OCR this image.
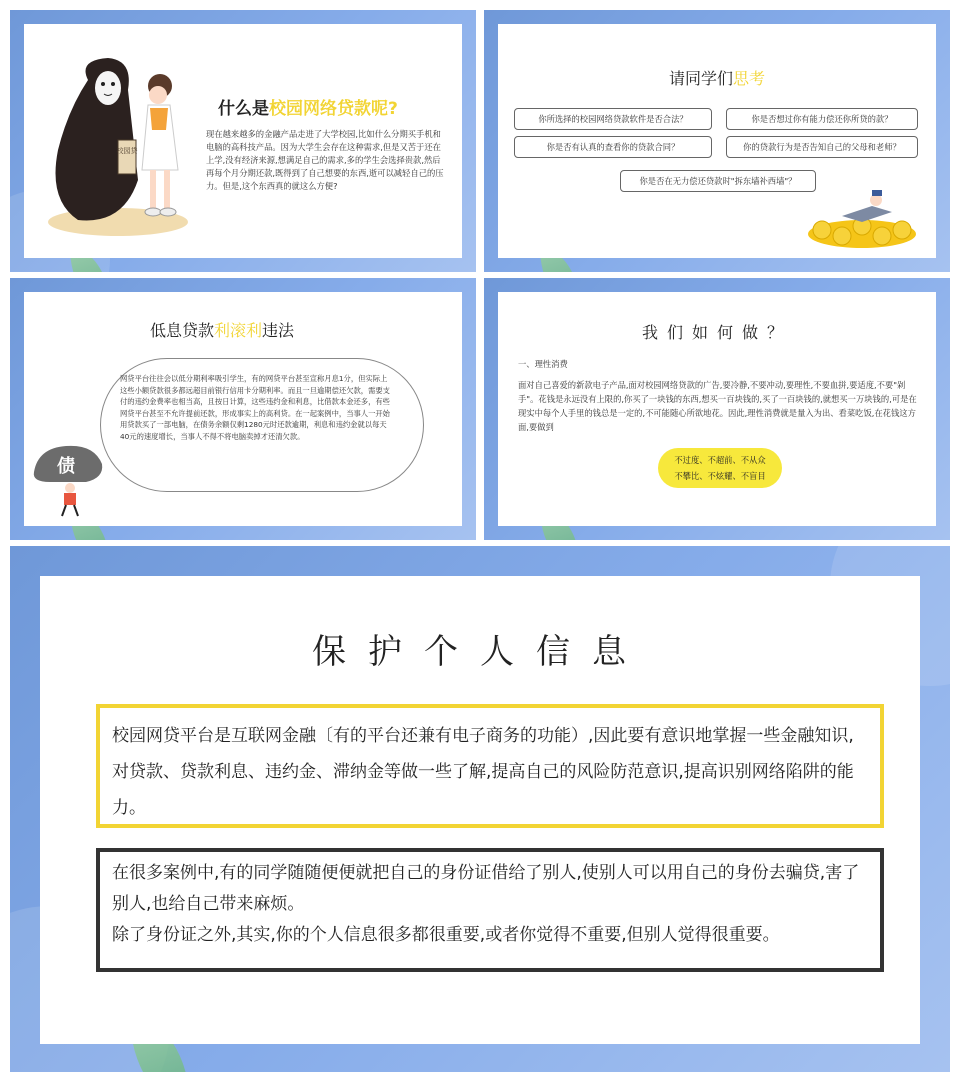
校园贷
什么是校园网络贷款呢?
现在越来越多的金融产品走进了大学校园,比如什么分期买手机和电脑的高科技产品。因为大学生会存在这种需求,但是又苦于还在上学,没有经济来源,想满足自己的需求,多的学生会选择贵款,然后再每个月分期还款,既得到了自己想要的东西,逝可以减轻自己的压力。但是,这个东西真的就这么方便?
请同学们思考
你所选择的校园网络贷款软件是否合法？	你是否想过你有能力偿还你所贷的款？
你是否有认真的查看你的贷款合同？	你的贷款行为是否告知自己的父母和老师？
你是否在无力偿还贷款时"拆东墙补西墙"？
低息贷款利滚利违法
网贷平台往往会以低分期利率吸引学生，有的网贷平台甚至宣称月息1分，但实际上这些小额贷款很多都远超目前银行信用卡分期利率。而且一旦逾期偿还欠款，需要支付的违约金费率也相当高，且按日计算，这些违约金和利息，比借款本金还多，有些网贷平台甚至不允许提前还款，形成事实上的高利贷。在一起案例中，当事人一开始用贷款买了一部电脑，在债务余额仅剩1280元时还款逾期，利息和违约金就以每天40元的速度增长，当事人不得不将电脑卖掉才还清欠款。
债
我们如何做？
一、理性消费
面对自己喜爱的新款电子产品,面对校园网络贷款的广告,要冷静,不要冲动,要理性,不要血拼,要适度,不要"剁手"。花钱是永远没有上限的,你买了一块钱的东西,想买一百块钱的,买了一百块钱的,就想买一万块钱的,可是在现实中每个人手里的钱总是一定的,不可能随心所欲地花。因此,理性消费就是量入为出、看菜吃饭,在花钱这方面,要做到
不过度、不超前、不从众
不攀比、不炫耀、不盲目
保护个人信息
校园网贷平台是互联网金融〔有的平台还兼有电子商务的功能）,因此要有意识地掌握一些金融知识,对贷款、贷款利息、违约金、滞纳金等做一些了解,提高自己的风险防范意识,提高识别网络陷阱的能力。
在很多案例中,有的同学随随便便就把自己的身份证借给了别人,使别人可以用自己的身份去骗贷,害了别人,也给自己带来麻烦。
除了身份证之外,其实,你的个人信息很多都很重要,或者你觉得不重要,但别人觉得很重要。
